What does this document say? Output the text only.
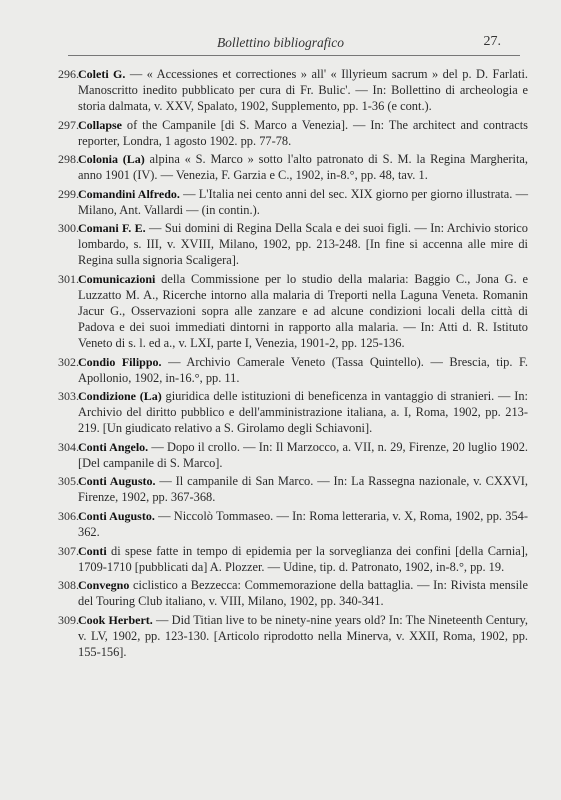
Bollettino bibliografico	27.
296. Coleti G. — « Accessiones et correctiones » all' « Illyrieum sacrum » del p. D. Farlati. Manoscritto inedito pubblicato per cura di Fr. Bulic'. — In: Bollettino di archeologia e storia dalmata, v. XXV, Spalato, 1902, Supplemento, pp. 1-36 (e cont.).
297. Collapse of the Campanile [di S. Marco a Venezia]. — In: The architect and contracts reporter, Londra, 1 agosto 1902. pp. 77-78.
298. Colonia (La) alpina « S. Marco » sotto l'alto patronato di S. M. la Regina Margherita, anno 1901 (IV). — Venezia, F. Garzia e C., 1902, in-8.°, pp. 48, tav. 1.
299. Comandini Alfredo. — L'Italia nei cento anni del sec. XIX giorno per giorno illustrata. — Milano, Ant. Vallardi — (in contin.).
300. Comani F. E. — Sui domini di Regina Della Scala e dei suoi figli. — In: Archivio storico lombardo, s. III, v. XVIII, Milano, 1902, pp. 213-248. [In fine si accenna alle mire di Regina sulla signoria Scaligera].
301. Comunicazioni della Commissione per lo studio della malaria: Baggio C., Jona G. e Luzzatto M. A., Ricerche intorno alla malaria di Treporti nella Laguna Veneta. Romanin Jacur G., Osservazioni sopra alle zanzare e ad alcune condizioni locali della città di Padova e dei suoi immediati dintorni in rapporto alla malaria. — In: Atti d. R. Istituto Veneto di s. l. ed a., v. LXI, parte I, Venezia, 1901-2, pp. 125-136.
302. Condio Filippo. — Archivio Camerale Veneto (Tassa Quintello). — Brescia, tip. F. Apollonio, 1902, in-16.°, pp. 11.
303. Condizione (La) giuridica delle istituzioni di beneficenza in vantaggio di stranieri. — In: Archivio del diritto pubblico e dell'amministrazione italiana, a. I, Roma, 1902, pp. 213-219. [Un giudicato relativo a S. Girolamo degli Schiavoni].
304. Conti Angelo. — Dopo il crollo. — In: Il Marzocco, a. VII, n. 29, Firenze, 20 luglio 1902. [Del campanile di S. Marco].
305. Conti Augusto. — Il campanile di San Marco. — In: La Rassegna nazionale, v. CXXVI, Firenze, 1902, pp. 367-368.
306. Conti Augusto. — Niccolò Tommaseo. — In: Roma letteraria, v. X, Roma, 1902, pp. 354-362.
307. Conti di spese fatte in tempo di epidemia per la sorveglianza dei confini [della Carnia], 1709-1710 [pubblicati da] A. Plozzer. — Udine, tip. d. Patronato, 1902, in-8.°, pp. 19.
308. Convegno ciclistico a Bezzecca: Commemorazione della battaglia. — In: Rivista mensile del Touring Club italiano, v. VIII, Milano, 1902, pp. 340-341.
309. Cook Herbert. — Did Titian live to be ninety-nine years old? In: The Nineteenth Century, v. LV, 1902, pp. 123-130. [Articolo riprodotto nella Minerva, v. XXII, Roma, 1902, pp. 155-156].
